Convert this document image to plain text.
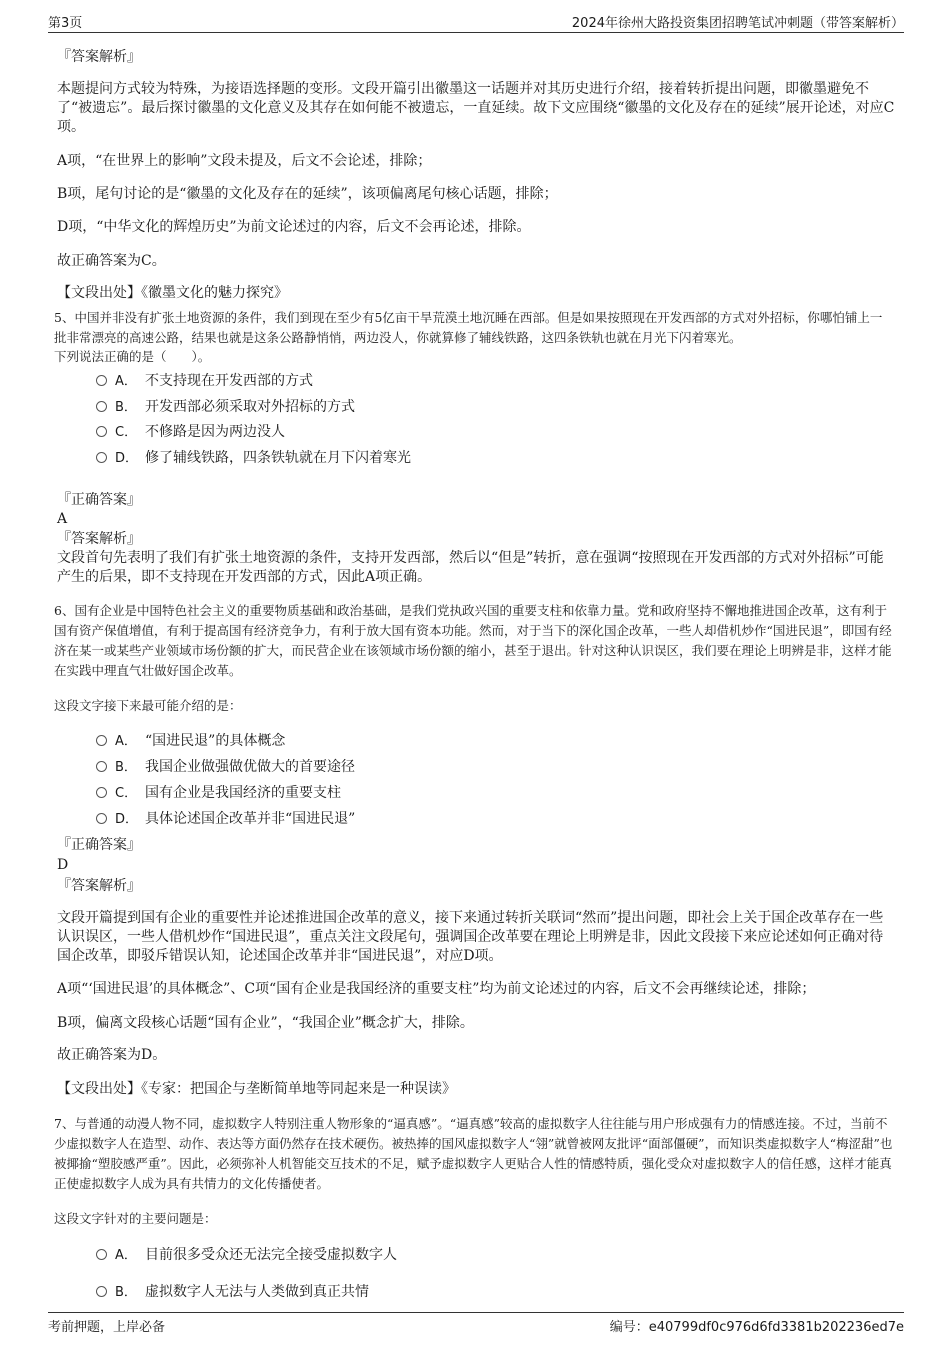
第3页	2024年徐州大路投资集团招聘笔试冲刺题（带答案解析）
『答案解析』
本题提问方式较为特殊，为接语选择题的变形。文段开篇引出徽墨这一话题并对其历史进行介绍，接着转折提出问题，即徽墨避免不了“被遗忘”。最后探讨徽墨的文化意义及其存在如何能不被遗忘，一直延续。故下文应围绕“徽墨的文化及存在的延续”展开论述，对应C项。
A项，“在世界上的影响”文段未提及，后文不会论述，排除；
B项，尾句讨论的是“徽墨的文化及存在的延续”，该项偏离尾句核心话题，排除；
D项，“中华文化的辉煌历史”为前文论述过的内容，后文不会再论述，排除。
故正确答案为C。
【文段出处】《徽墨文化的魅力探究》
5、中国并非没有扩张土地资源的条件，我们到现在至少有5亿亩干旱荒漠土地沉睡在西部。但是如果按照现在开发西部的方式对外招标，你哪怕铺上一批非常漂亮的高速公路，结果也就是这条公路静悄悄，两边没人，你就算修了辅线铁路，这四条铁轨也就在月光下闪着寒光。
下列说法正确的是（　　）。
A． 不支持现在开发西部的方式
B． 开发西部必须采取对外招标的方式
C． 不修路是因为两边没人
D． 修了辅线铁路，四条铁轨就在月下闪着寒光
『正确答案』
A
『答案解析』
文段首句先表明了我们有扩张土地资源的条件，支持开发西部，然后以“但是”转折，意在强调“按照现在开发西部的方式对外招标”可能产生的后果，即不支持现在开发西部的方式，因此A项正确。
6、国有企业是中国特色社会主义的重要物质基础和政治基础，是我们党执政兴国的重要支柱和依靠力量。党和政府坚持不懈地推进国企改革，这有利于国有资产保值增值，有利于提高国有经济竞争力，有利于放大国有资本功能。然而，对于当下的深化国企改革，一些人却借机炒作“国进民退”，即国有经济在某一或某些产业领域市场份额的扩大，而民营企业在该领域市场份额的缩小，甚至于退出。针对这种认识误区，我们要在理论上明辨是非，这样才能在实践中理直气壮做好国企改革。
这段文字接下来最可能介绍的是：
A． “国进民退”的具体概念
B． 我国企业做强做优做大的首要途径
C． 国有企业是我国经济的重要支柱
D． 具体论述国企改革并非“国进民退”
『正确答案』
D
『答案解析』
文段开篇提到国有企业的重要性并论述推进国企改革的意义，接下来通过转折关联词“然而”提出问题，即社会上关于国企改革存在一些认识误区，一些人借机炒作“国进民退”，重点关注文段尾句，强调国企改革要在理论上明辨是非，因此文段接下来应论述如何正确对待国企改革，即驳斥错误认知，论述国企改革并非“国进民退”，对应D项。
A项“‘国进民退’的具体概念”、C项“国有企业是我国经济的重要支柱”均为前文论述过的内容，后文不会再继续论述，排除；
B项，偏离文段核心话题“国有企业”，“我国企业”概念扩大，排除。
故正确答案为D。
【文段出处】《专家：把国企与垄断简单地等同起来是一种误读》
7、与普通的动漫人物不同，虚拟数字人特别注重人物形象的“逼真感”。“逼真感”较高的虚拟数字人往往能与用户形成强有力的情感连接。不过，当前不少虚拟数字人在造型、动作、表达等方面仍然存在技术硬伤。被热捧的国风虚拟数字人“翎”就曾被网友批评“面部僵硬”，而知识类虚拟数字人“梅涩甜”也被揶揄“塑胶感严重”。因此，必须弥补人机智能交互技术的不足，赋予虚拟数字人更贴合人性的情感特质，强化受众对虚拟数字人的信任感，这样才能真正使虚拟数字人成为具有共情力的文化传播使者。
这段文字针对的主要问题是：
A． 目前很多受众还无法完全接受虚拟数字人
B． 虚拟数字人无法与人类做到真正共情
考前押题，上岸必备	编号：e40799df0c976d6fd3381b202236ed7e
